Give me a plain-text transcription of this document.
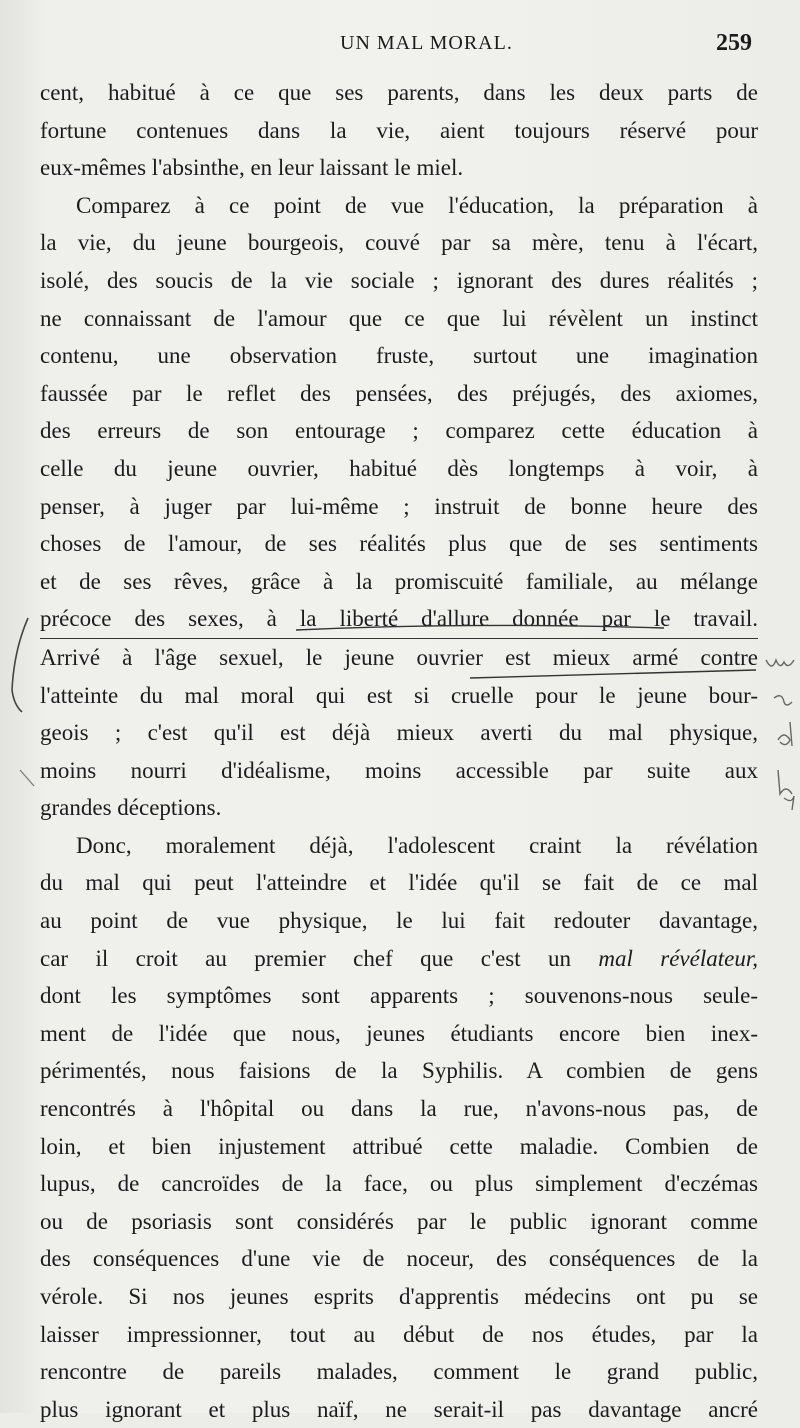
UN MAL MORAL.	259
cent, habitué à ce que ses parents, dans les deux parts de
fortune contenues dans la vie, aient toujours réservé pour
eux-mêmes l'absinthe, en leur laissant le miel.
Comparez à ce point de vue l'éducation, la préparation à
la vie, du jeune bourgeois, couvé par sa mère, tenu à l'écart,
isolé, des soucis de la vie sociale ; ignorant des dures réalités ;
ne connaissant de l'amour que ce que lui révèlent un instinct
contenu, une observation fruste, surtout une imagination
faussée par le reflet des pensées, des préjugés, des axiomes,
des erreurs de son entourage ; comparez cette éducation à
celle du jeune ouvrier, habitué dès longtemps à voir, à
penser, à juger par lui-même ; instruit de bonne heure des
choses de l'amour, de ses réalités plus que de ses sentiments
et de ses rêves, grâce à la promiscuité familiale, au mélange
précoce des sexes, à la liberté d'allure donnée par le travail.
Arrivé à l'âge sexuel, le jeune ouvrier est mieux armé contre
l'atteinte du mal moral qui est si cruelle pour le jeune bour-
geois ; c'est qu'il est déjà mieux averti du mal physique,
moins nourri d'idéalisme, moins accessible par suite aux
grandes déceptions.
Donc, moralement déjà, l'adolescent craint la révélation
du mal qui peut l'atteindre et l'idée qu'il se fait de ce mal
au point de vue physique, le lui fait redouter davantage,
car il croit au premier chef que c'est un mal révélateur,
dont les symptômes sont apparents ; souvenons-nous seule-
ment de l'idée que nous, jeunes étudiants encore bien inex-
périmentés, nous faisions de la Syphilis. A combien de gens
rencontrés à l'hôpital ou dans la rue, n'avons-nous pas, de
loin, et bien injustement attribué cette maladie. Combien de
lupus, de cancroïdes de la face, ou plus simplement d'eczémas
ou de psoriasis sont considérés par le public ignorant comme
des conséquences d'une vie de noceur, des conséquences de la
vérole. Si nos jeunes esprits d'apprentis médecins ont pu se
laisser impressionner, tout au début de nos études, par la
rencontre de pareils malades, comment le grand public,
plus ignorant et plus naïf, ne serait-il pas davantage ancré
